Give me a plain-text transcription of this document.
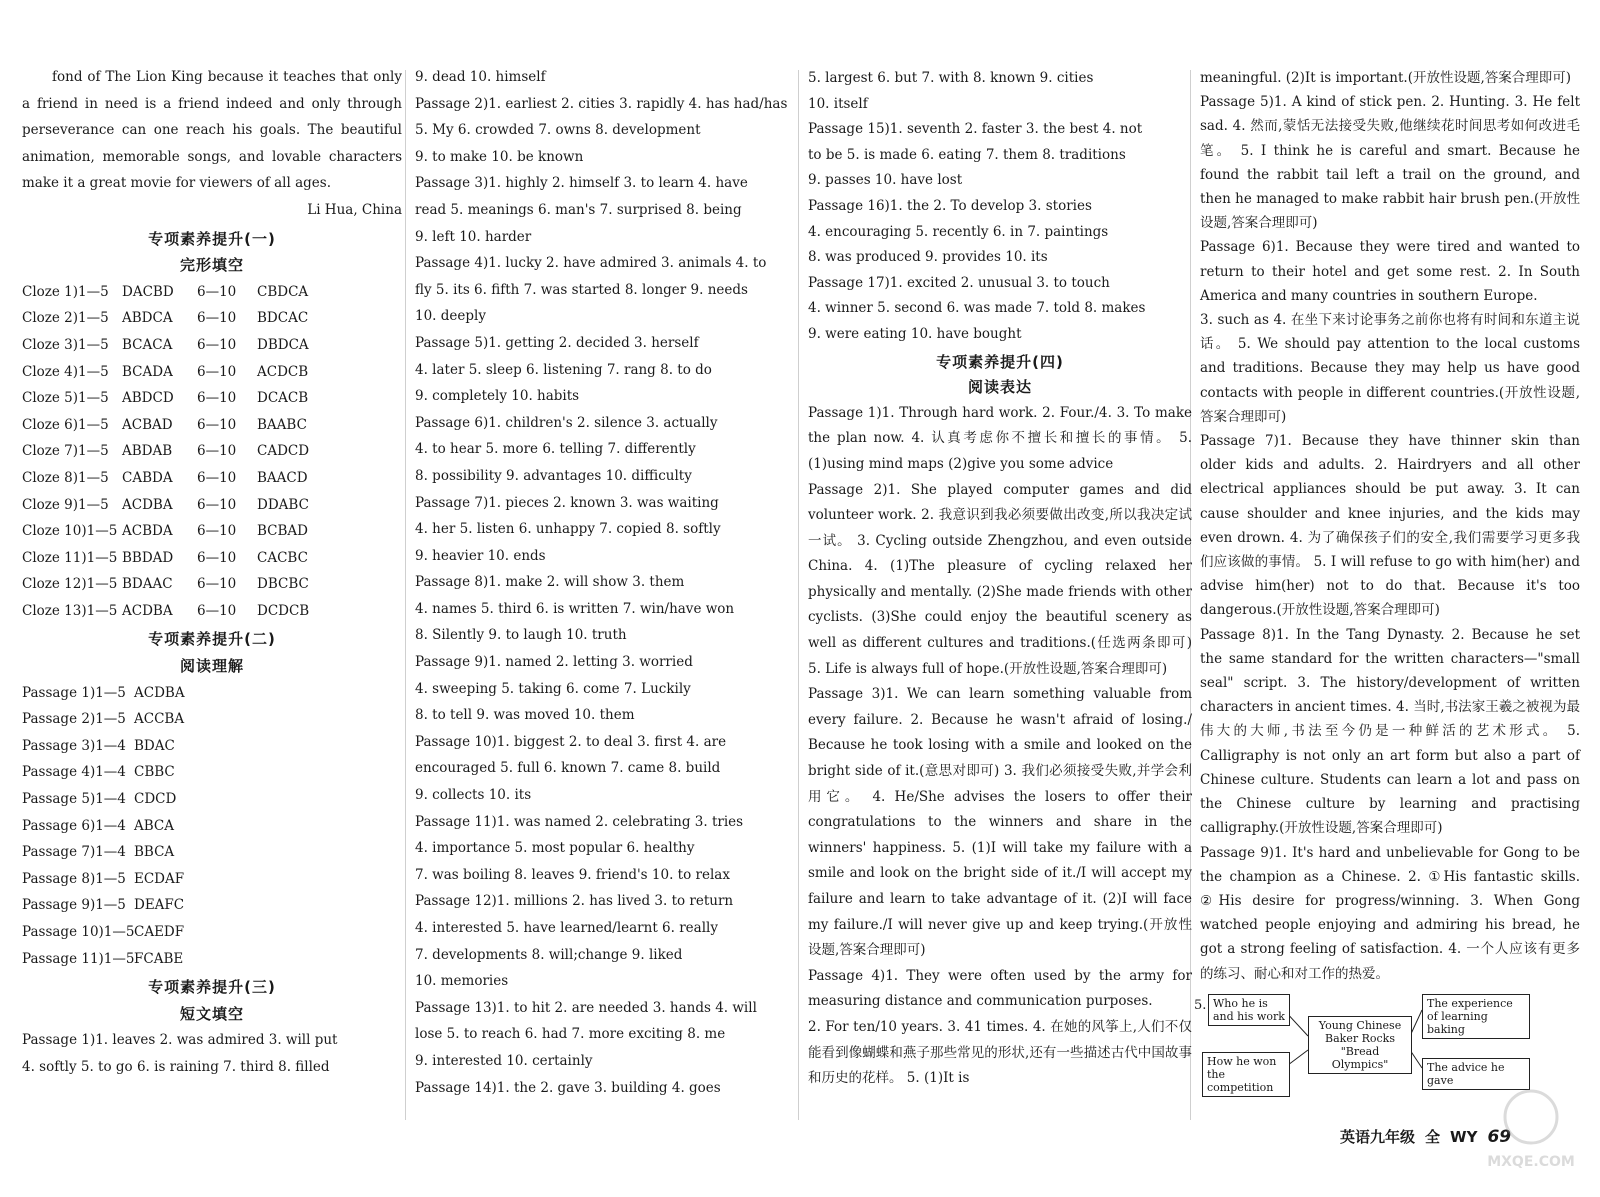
fond of The Lion King because it teaches that only a friend in need is a friend indeed and only through perseverance can one reach his goals. The beautiful animation, memorable songs, and lovable characters make it a great movie for viewers of all ages.

Li Hua, China

专项素养提升(一)
完形填空
Cloze 1)1—5 DACBD	6—10	CBDCA
Cloze 2)1—5 ABDCA	6—10	BDCAC
Cloze 3)1—5 BCACA	6—10	DBDCA
Cloze 4)1—5 BCADA	6—10	ACDCB
Cloze 5)1—5 ABDCD	6—10	DCACB
Cloze 6)1—5 ACBAD	6—10	BAABC
Cloze 7)1—5 ABDAB	6—10	CADCD
Cloze 8)1—5 CABDA	6—10	BAACD
Cloze 9)1—5 ACDBA	6—10	DDABC
Cloze 10)1—5 ACBDA	6—10	BCBAD
Cloze 11)1—5 BBDAD	6—10	CACBC
Cloze 12)1—5 BDAAC	6—10	DBCBC
Cloze 13)1—5 ACDBA	6—10	DCDCB
专项素养提升(二)
阅读理解
Passage 1)1—5 ACDBA
Passage 2)1—5 ACCBA
Passage 3)1—4 BDAC
Passage 4)1—4 CBBC
Passage 5)1—4 CDCD
Passage 6)1—4 ABCA
Passage 7)1—4 BBCA
Passage 8)1—5 ECDAF
Passage 9)1—5 DEAFC
Passage 10)1—5 CAEDF
Passage 11)1—5 FCABE
专项素养提升(三)
短文填空
Passage 1)1. leaves 2. was admired 3. will put
4. softly 5. to go 6. is raining 7. third 8. filled
9. dead 10. himself
Passage 2)1. earliest 2. cities 3. rapidly 4. has had/has
5. My 6. crowded 7. owns 8. development
9. to make 10. be known
Passage 3)1. highly 2. himself 3. to learn 4. have
read 5. meanings 6. man's 7. surprised 8. being
9. left 10. harder
Passage 4)1. lucky 2. have admired 3. animals 4. to
fly 5. its 6. fifth 7. was started 8. longer 9. needs
10. deeply
Passage 5)1. getting 2. decided 3. herself
4. later 5. sleep 6. listening 7. rang 8. to do
9. completely 10. habits
Passage 6)1. children's 2. silence 3. actually
4. to hear 5. more 6. telling 7. differently
8. possibility 9. advantages 10. difficulty
Passage 7)1. pieces 2. known 3. was waiting
4. her 5. listen 6. unhappy 7. copied 8. softly
9. heavier 10. ends
Passage 8)1. make 2. will show 3. them
4. names 5. third 6. is written 7. win/have won
8. Silently 9. to laugh 10. truth
Passage 9)1. named 2. letting 3. worried
4. sweeping 5. taking 6. come 7. Luckily
8. to tell 9. was moved 10. them
Passage 10)1. biggest 2. to deal 3. first 4. are
encouraged 5. full 6. known 7. came 8. build
9. collects 10. its
Passage 11)1. was named 2. celebrating 3. tries
4. importance 5. most popular 6. healthy
7. was boiling 8. leaves 9. friend's 10. to relax
Passage 12)1. millions 2. has lived 3. to return
4. interested 5. have learned/learnt 6. really
7. developments 8. will;change 9. liked
10. memories
Passage 13)1. to hit 2. are needed 3. hands 4. will
lose 5. to reach 6. had 7. more exciting 8. me
9. interested 10. certainly
Passage 14)1. the 2. gave 3. building 4. goes
5. largest 6. but 7. with 8. known 9. cities
10. itself
Passage 15)1. seventh 2. faster 3. the best 4. not
to be 5. is made 6. eating 7. them 8. traditions
9. passes 10. have lost
Passage 16)1. the 2. To develop 3. stories
4. encouraging 5. recently 6. in 7. paintings
8. was produced 9. provides 10. its
Passage 17)1. excited 2. unusual 3. to touch
4. winner 5. second 6. was made 7. told 8. makes
9. were eating 10. have bought
专项素养提升(四)
阅读表达

Passage 1)1. Through hard work. 2. Four./4. 3. To make the plan now. 4. 认真考虑你不擅长和擅长的事情。 5. (1)using mind maps (2)give you some advice

Passage 2)1. She played computer games and did volunteer work. 2. 我意识到我必须要做出改变,所以我决定试一试。 3. Cycling outside Zhengzhou, and even outside China. 4. (1)The pleasure of cycling relaxed her physically and mentally. (2)She made friends with other cyclists. (3)She could enjoy the beautiful scenery as well as different cultures and traditions.(任选两条即可) 5. Life is always full of hope.(开放性设题,答案合理即可)

Passage 3)1. We can learn something valuable from every failure. 2. Because he wasn't afraid of losing./ Because he took losing with a smile and looked on the bright side of it.(意思对即可) 3. 我们必须接受失败,并学会利用它。 4. He/She advises the losers to offer their congratulations to the winners and share in the winners' happiness. 5. (1)I will take my failure with a smile and look on the bright side of it./I will accept my failure and learn to take advantage of it. (2)I will face my failure./I will never give up and keep trying.(开放性设题,答案合理即可)

Passage 4)1. They were often used by the army for measuring distance and communication purposes.

2. For ten/10 years. 3. 41 times. 4. 在她的风筝上,人们不仅能看到像蝴蝶和燕子那些常见的形状,还有一些描述古代中国故事和历史的花样。 5. (1)It is

meaningful. (2)It is important.(开放性设题,答案合理即可)

Passage 5)1. A kind of stick pen. 2. Hunting. 3. He felt sad. 4. 然而,蒙恬无法接受失败,他继续花时间思考如何改进毛笔。 5. I think he is careful and smart. Because he found the rabbit tail left a trail on the ground, and then he managed to make rabbit hair brush pen.(开放性设题,答案合理即可)

Passage 6)1. Because they were tired and wanted to return to their hotel and get some rest. 2. In South America and many countries in southern Europe.

3. such as 4. 在坐下来讨论事务之前你也将有时间和东道主说话。 5. We should pay attention to the local customs and traditions. Because they may help us have good contacts with people in different countries.(开放性设题,答案合理即可)

Passage 7)1. Because they have thinner skin than older kids and adults. 2. Hairdryers and all other electrical appliances should be put away. 3. It can cause shoulder and knee injuries, and the kids may even drown. 4. 为了确保孩子们的安全,我们需要学习更多我们应该做的事情。 5. I will refuse to go with him(her) and advise him(her) not to do that. Because it's too dangerous.(开放性设题,答案合理即可)

Passage 8)1. In the Tang Dynasty. 2. Because he set the same standard for the written characters—"small seal" script. 3. The history/development of written characters in ancient times. 4. 当时,书法家王羲之被视为最伟大的大师,书法至今仍是一种鲜活的艺术形式。 5. Calligraphy is not only an art form but also a part of Chinese culture. Students can learn a lot and pass on the Chinese culture by learning and practising calligraphy.(开放性设题,答案合理即可)

Passage 9)1. It's hard and unbelievable for Gong to be the champion as a Chinese. 2. ①His fantastic skills. ②His desire for progress/winning. 3. When Gong watched people enjoying and admiring his bread, he got a strong feeling of satisfaction. 4. 一个人应该有更多的练习、耐心和对工作的热爱。

5. Who he is and his work
Young Chinese Baker Rocks "Bread Olympics"
The experience of learning baking
How he won the competition
The advice he gave
英语九年级 全 WY 69
MXQE.COM
